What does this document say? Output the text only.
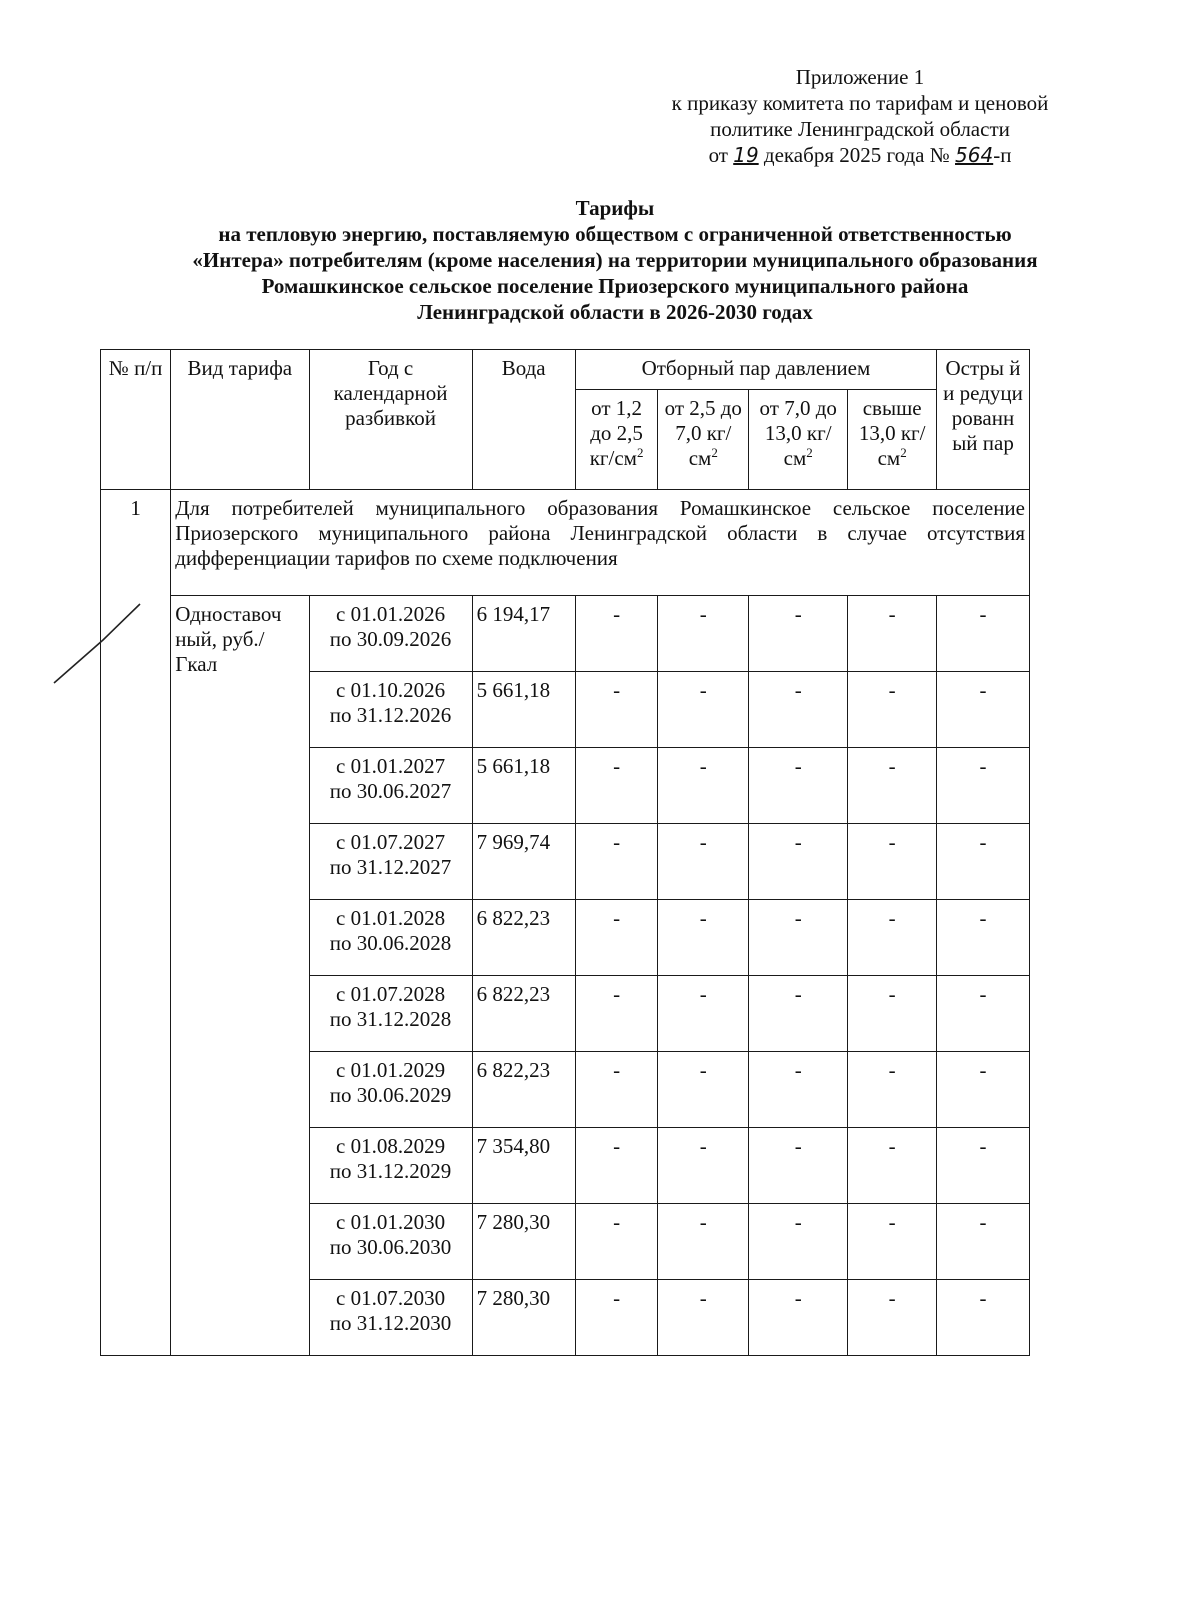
Приложение 1
к приказу комитета по тарифам и ценовой
политике Ленинградской области
от 19 декабря 2025 года № 564-п
Тарифы
на тепловую энергию, поставляемую обществом с ограниченной ответственностью
«Интера» потребителям (кроме населения) на территории муниципального образования
Ромашкинское сельское поселение Приозерского муниципального района
Ленинградской области в 2026-2030 годах
№ п/п	Вид тарифа	Год с календарной разбивкой	Вода	Отборный пар давлением				Остры й и редуци рованн ый пар
				от 1,2 до 2,5 $кг/см^2$	от 2,5 до 7,0 $кг/см^2$	от 7,0 до 13,0 $кг/см^2$	свыше 13,0 $кг/см^2$
1	Для потребителей муниципального образования Ромашкинское сельское поселение Приозерского муниципального района Ленинградской области в случае отсутствия дифференциации тарифов по схеме подключения							
	Одноставоч ный, руб./Гкал	с 01.01.2026
по 30.09.2026	6 194,17	-	-	-	-	-

		с 01.10.2026
по 31.12.2026	5 661,18	-	-	-	-	-

		с 01.01.2027
по 30.06.2027	5 661,18	-	-	-	-	-

		с 01.07.2027
по 31.12.2027	7 969,74	-	-	-	-	-

		с 01.01.2028
по 30.06.2028	6 822,23	-	-	-	-	-

		с 01.07.2028
по 31.12.2028	6 822,23	-	-	-	-	-

		с 01.01.2029
по 30.06.2029	6 822,23	-	-	-	-	-

		с 01.08.2029
по 31.12.2029	7 354,80	-	-	-	-	-

		с 01.01.2030
по 30.06.2030	7 280,30	-	-	-	-	-

		с 01.07.2030
по 31.12.2030	7 280,30	-	-	-	-	-
